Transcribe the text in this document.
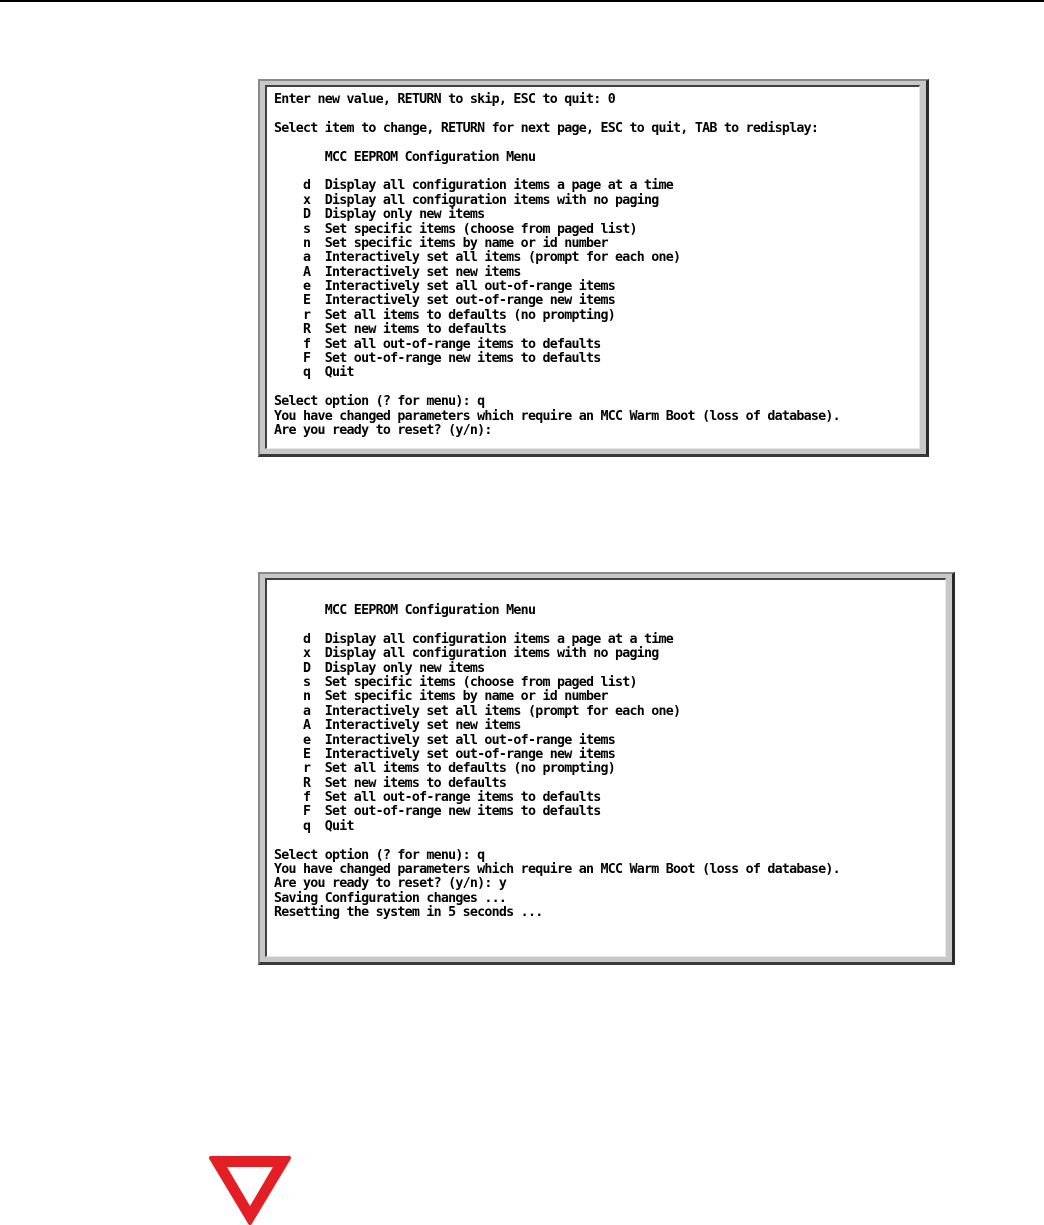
Enter new value, RETURN to skip, ESC to quit: 0
Select item to change, RETURN for next page, ESC to quit, TAB to redisplay:
MCC EEPROM Configuration Menu
d  Display all configuration items a page at a time
x  Display all configuration items with no paging
D  Display only new items
s  Set specific items (choose from paged list)
n  Set specific items by name or id number
a  Interactively set all items (prompt for each one)
A  Interactively set new items
e  Interactively set all out-of-range items
E  Interactively set out-of-range new items
r  Set all items to defaults (no prompting)
R  Set new items to defaults
f  Set all out-of-range items to defaults
F  Set out-of-range new items to defaults
q  Quit
Select option (? for menu): q
You have changed parameters which require an MCC Warm Boot (loss of database).
Are you ready to reset? (y/n):
MCC EEPROM Configuration Menu
d  Display all configuration items a page at a time
x  Display all configuration items with no paging
D  Display only new items
s  Set specific items (choose from paged list)
n  Set specific items by name or id number
a  Interactively set all items (prompt for each one)
A  Interactively set new items
e  Interactively set all out-of-range items
E  Interactively set out-of-range new items
r  Set all items to defaults (no prompting)
R  Set new items to defaults
f  Set all out-of-range items to defaults
F  Set out-of-range new items to defaults
q  Quit
Select option (? for menu): q
You have changed parameters which require an MCC Warm Boot (loss of database).
Are you ready to reset? (y/n): y
Saving Configuration changes ...
Resetting the system in 5 seconds ...
